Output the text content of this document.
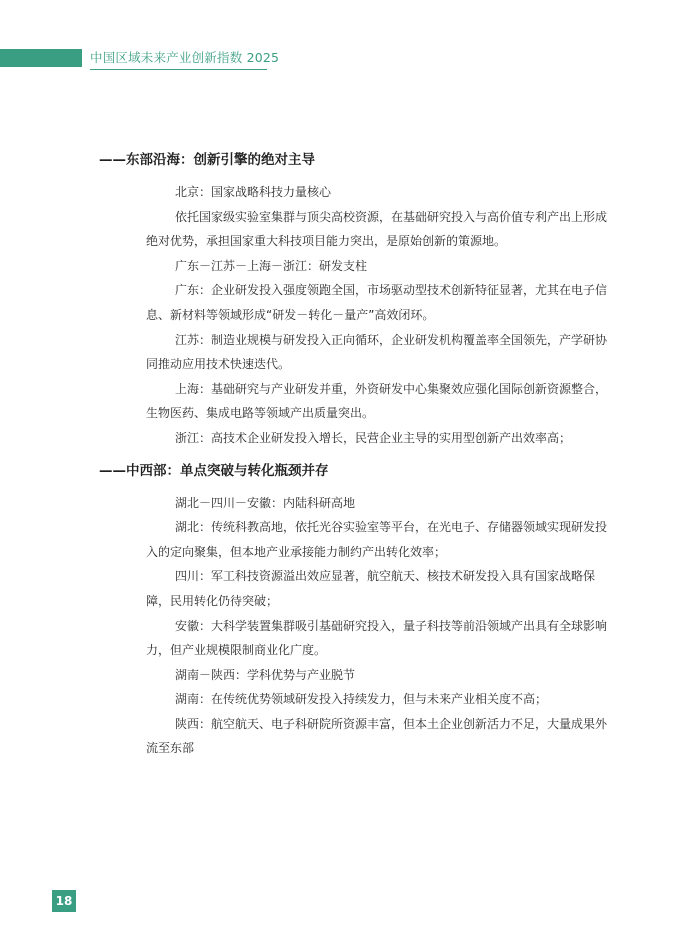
中国区域未来产业创新指数 2025
——东部沿海：创新引擎的绝对主导

北京：国家战略科技力量核心

依托国家级实验室集群与顶尖高校资源，在基础研究投入与高价值专利产出上形成绝对优势，承担国家重大科技项目能力突出，是原始创新的策源地。

广东－江苏－上海－浙江：研发支柱

广东：企业研发投入强度领跑全国，市场驱动型技术创新特征显著，尤其在电子信息、新材料等领域形成“研发－转化－量产”高效闭环。

江苏：制造业规模与研发投入正向循环，企业研发机构覆盖率全国领先，产学研协同推动应用技术快速迭代。

上海：基础研究与产业研发并重，外资研发中心集聚效应强化国际创新资源整合，生物医药、集成电路等领域产出质量突出。

浙江：高技术企业研发投入增长，民营企业主导的实用型创新产出效率高；

——中西部：单点突破与转化瓶颈并存

湖北－四川－安徽：内陆科研高地

湖北：传统科教高地，依托光谷实验室等平台，在光电子、存储器领域实现研发投入的定向聚集，但本地产业承接能力制约产出转化效率；

四川：军工科技资源溢出效应显著，航空航天、核技术研发投入具有国家战略保障，民用转化仍待突破；

安徽：大科学装置集群吸引基础研究投入，量子科技等前沿领域产出具有全球影响力，但产业规模限制商业化广度。

湖南－陕西：学科优势与产业脱节

湖南：在传统优势领域研发投入持续发力，但与未来产业相关度不高；

陕西：航空航天、电子科研院所资源丰富，但本土企业创新活力不足，大量成果外流至东部

18
